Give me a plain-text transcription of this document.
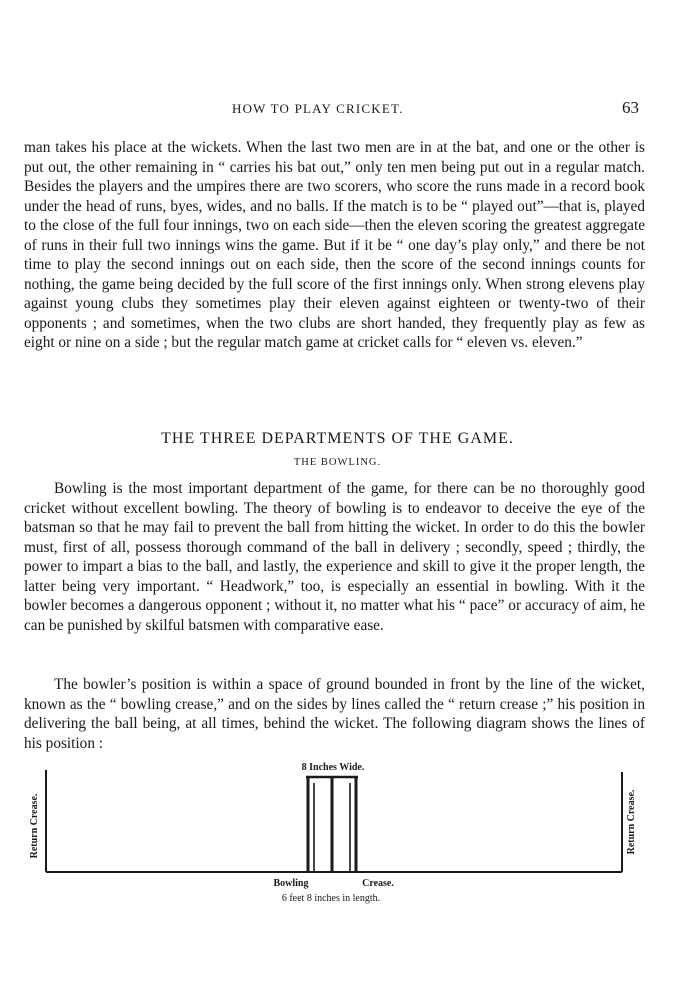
HOW TO PLAY CRICKET.	63

man takes his place at the wickets. When the last two men are in at the bat, and one or the other is put out, the other remaining in “ carries his bat out,” only ten men being put out in a regular match. Besides the players and the umpires there are two scorers, who score the runs made in a record book under the head of runs, byes, wides, and no balls. If the match is to be “ played out”—that is, played to the close of the full four innings, two on each side—then the eleven scoring the greatest aggregate of runs in their full two innings wins the game. But if it be “ one day’s play only,” and there be not time to play the second innings out on each side, then the score of the second innings counts for nothing, the game being decided by the full score of the first innings only. When strong elevens play against young clubs they sometimes play their eleven against eighteen or twenty-two of their opponents ; and sometimes, when the two clubs are short handed, they frequently play as few as eight or nine on a side ; but the regular match game at cricket calls for “ eleven vs. eleven.”

THE THREE DEPARTMENTS OF THE GAME.
THE BOWLING.

Bowling is the most important department of the game, for there can be no thoroughly good cricket without excellent bowling. The theory of bowling is to endeavor to deceive the eye of the batsman so that he may fail to prevent the ball from hitting the wicket. In order to do this the bowler must, first of all, possess thorough command of the ball in delivery ; secondly, speed ; thirdly, the power to impart a bias to the ball, and lastly, the experience and skill to give it the proper length, the latter being very important. “ Headwork,” too, is especially an essential in bowling. With it the bowler becomes a dangerous opponent ; without it, no matter what his “ pace” or accuracy of aim, he can be punished by skilful batsmen with comparative ease.

The bowler’s position is within a space of ground bounded in front by the line of the wicket, known as the “ bowling crease,” and on the sides by lines called the “ return crease ;” his position in delivering the ball being, at all times, behind the wicket. The following diagram shows the lines of his position :

8 Inches Wide.
Return Crease.	Return Crease.
Bowling	Crease.
6 feet 8 inches in length.
